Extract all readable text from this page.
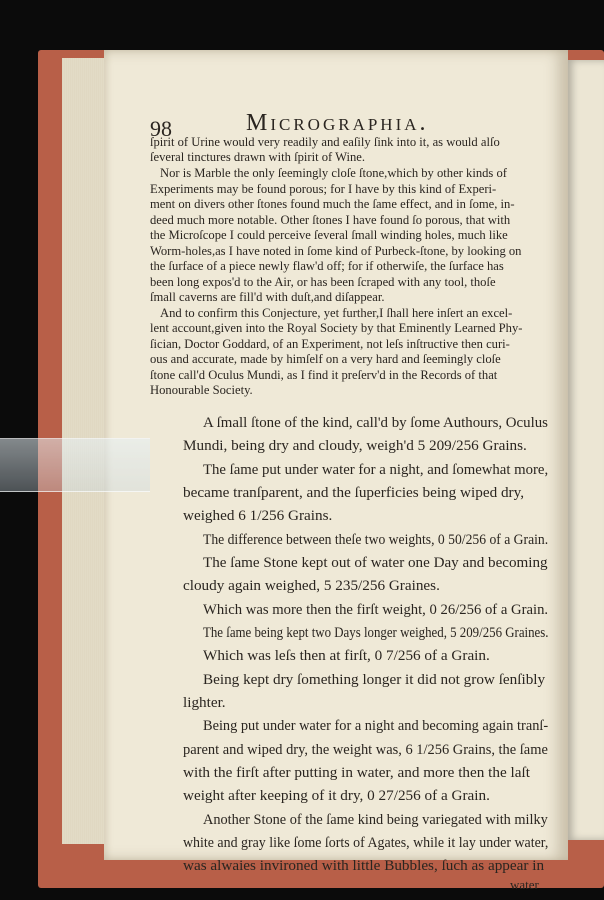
98	Micrographia.
ſpirit of Urine would very readily and eaſily ſink into it, as would alſo
ſeveral tinctures drawn with ſpirit of Wine.
Nor is Marble the only ſeemingly cloſe ſtone,which by other kinds of
Experiments may be found porous; for I have by this kind of Experi-
ment on divers other ſtones found much the ſame effect, and in ſome, in-
deed much more notable. Other ſtones I have found ſo porous, that with
the Microſcope I could perceive ſeveral ſmall winding holes, much like
Worm-holes,as I have noted in ſome kind of Purbeck-ſtone, by looking on
the ſurface of a piece newly flaw'd off; for if otherwiſe, the ſurface has
been long expos'd to the Air, or has been ſcraped with any tool, thoſe
ſmall caverns are fill'd with duſt,and diſappear.
And to confirm this Conjecture, yet further,I ſhall here inſert an excel-
lent account,given into the Royal Society by that Eminently Learned Phy-
ſician, Doctor Goddard, of an Experiment, not leſs inſtructive then curi-
ous and accurate, made by himſelf on a very hard and ſeemingly cloſe
ſtone call'd Oculus Mundi, as I find it preſerv'd in the Records of that
Honourable Society.
A ſmall ſtone of the kind, call'd by ſome Authours, Oculus
Mundi, being dry and cloudy, weigh'd 5 209/256 Grains.
The ſame put under water for a night, and ſomewhat more,
became tranſparent, and the ſuperficies being wiped dry,
weighed 6 1/256 Grains.
The difference between theſe two weights, 0 50/256 of a Grain.
The ſame Stone kept out of water one Day and becoming
cloudy again weighed, 5 235/256 Graines.
Which was more then the firſt weight, 0 26/256 of a Grain.
The ſame being kept two Days longer weighed, 5 209/256 Graines.
Which was leſs then at firſt, 0 7/256 of a Grain.
Being kept dry ſomething longer it did not grow ſenſibly
lighter.
Being put under water for a night and becoming again tranſ-
parent and wiped dry, the weight was, 6 1/256 Grains, the ſame
with the firſt after putting in water, and more then the laſt
weight after keeping of it dry, 0 27/256 of a Grain.
Another Stone of the ſame kind being variegated with milky
white and gray like ſome ſorts of Agates, while it lay under water,
was alwaies invironed with little Bubbles, ſuch as appear in
water
